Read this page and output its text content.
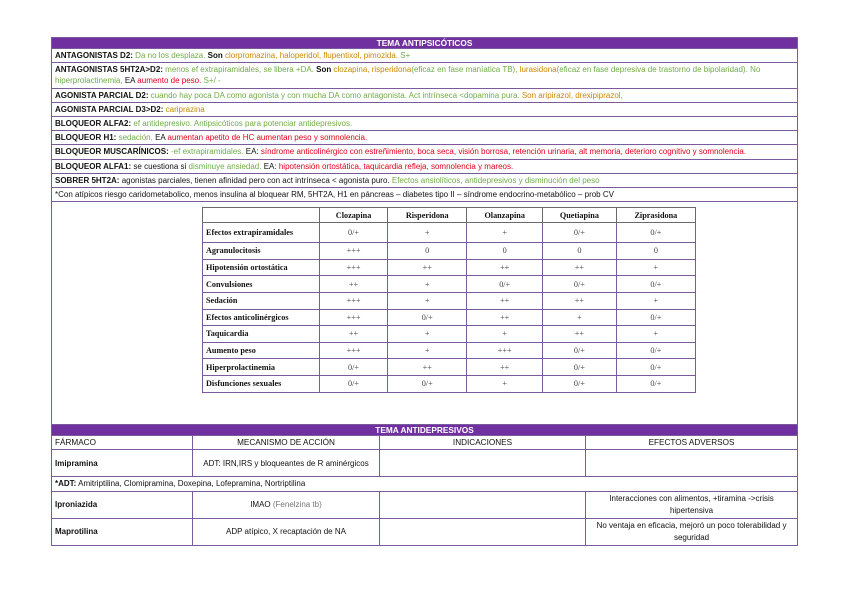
TEMA ANTIPSICÓTICOS
ANTAGONISTAS D2: Da no los desplaza. Son clorpromazina, haloperidol, flupentixol, pimozida. S+
ANTAGONISTAS 5HT2A>D2: menos ef extrapiramidales, se libera +DA. Son clozapina, risperidona(eficaz en fase maníatica TB), lurasidona(eficaz en fase depresiva de trastorno de bipolaridad). No hiperprolactinemia, EA aumento de peso. S+/ -
AGONISTA PARCIAL D2: cuando hay poca DA como agonista y con mucha DA como antagonista. Act intrínseca <dopamina pura. Son aripirazol, drexipiprazol,
AGONISTA PARCIAL D3>D2: cariprazina
BLOQUEOR ALFA2: ef antidepresivo. Antipsicóticos para potenciar antidepresivos.
BLOQUEOR H1: sedación, EA aumentan apetito de HC aumentan peso y somnolencia.
BLOQUEOR MUSCARÍNICOS: -ef extrapiramidales. EA: síndrome anticolinérgico con estreñimiento, boca seca, visión borrosa, retención urinaria, alt memoria, deterioro cognitivo y somnolencia.
BLOQUEOR ALFA1: se cuestiona si disminuye ansiedad. EA: hipotensión ortostática, taquicardia refleja, somnolencia y mareos.
SOBRER 5HT2A: agonistas parciales, tienen afinidad pero con act intrínseca < agonista puro. Efectos ansiolíticos, antidepresivos y disminución del peso
*Con atípicos riesgo caridometabolico, menos insulina al bloquear RM, 5HT2A, H1 en páncreas – diabetes tipo II – síndrome endocrino-metabólico – prob CV

	Clozapina	Risperidona	Olanzapina	Quetiapina	Ziprasidona
Efectos extrapiramidales	0/+	+	+	0/+	0/+
Agranulocitosis	+++	0	0	0	0
Hipotensión ortostática	+++	++	++	++	+
Convulsiones	++	+	0/+	0/+	0/+
Sedación	+++	+	++	++	+
Efectos anticolinérgicos	+++	0/+	++	+	0/+
Taquicardia	++	+	+	++	+
Aumento peso	+++	+	+++	0/+	0/+
Hiperprolactinemia	0/+	++	++	0/+	0/+
Disfunciones sexuales	0/+	0/+	+	0/+	0/+

TEMA ANTIDEPRESIVOS
FÁRMACO	MECANISMO DE ACCIÓN	INDICACIONES	EFECTOS ADVERSOS
Imipramina	ADT: IRN,IRS y bloqueantes de R aminérgicos		
*ADT: Amitriptilina, Clomipramina, Doxepina, Lofepramina, Nortriptilina
Iproniazida	IMAO (Fenelzina tb)		Interacciones con alimentos, +tiramina ->crisis hipertensiva
Maprotilina	ADP atípico, X recaptación de NA		No ventaja en eficacia, mejoró un poco tolerabilidad y seguridad
